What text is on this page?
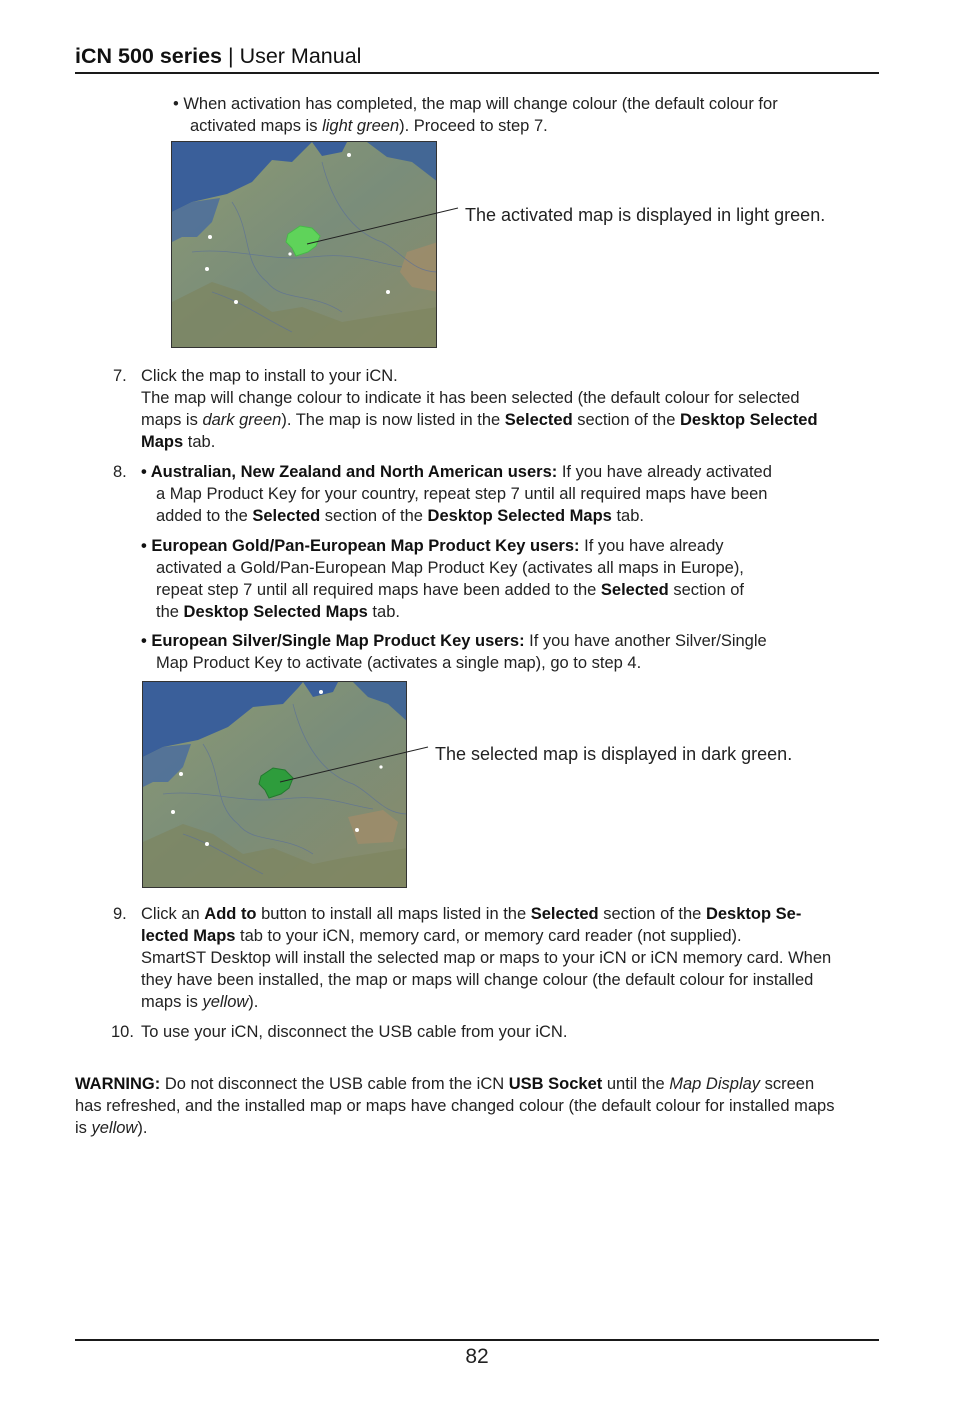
iCN 500 series | User Manual

• When activation has completed, the map will change colour (the default colour for

activated maps is light green). Proceed to step 7.

The activated map is displayed in light green.
7. Click the map to install to your iCN.

The map will change colour to indicate it has been selected (the default colour for selected

maps is dark green). The map is now listed in the Selected section of the Desktop Selected

Maps tab.

8. • Australian, New Zealand and North American users: If you have already activated

a Map Product Key for your country, repeat step 7 until all required maps have been

added to the Selected section of the Desktop Selected Maps tab.

• European Gold/Pan-European Map Product Key users: If you have already

activated a Gold/Pan-European Map Product Key (activates all maps in Europe),

repeat step 7 until all required maps have been added to the Selected section of

the Desktop Selected Maps tab.

• European Silver/Single Map Product Key users: If you have another Silver/Single

Map Product Key to activate (activates a single map), go to step 4.

The selected map is displayed in dark green.
9. Click an Add to button to install all maps listed in the Selected section of the Desktop Se-

lected Maps tab to your iCN, memory card, or memory card reader (not supplied).

SmartST Desktop will install the selected map or maps to your iCN or iCN memory card. When

they have been installed, the map or maps will change colour (the default colour for installed

maps is yellow).

10. To use your iCN, disconnect the USB cable from your iCN.

WARNING: Do not disconnect the USB cable from the iCN USB Socket until the Map Display screen

has refreshed, and the installed map or maps have changed colour (the default colour for installed maps

is yellow).

82
